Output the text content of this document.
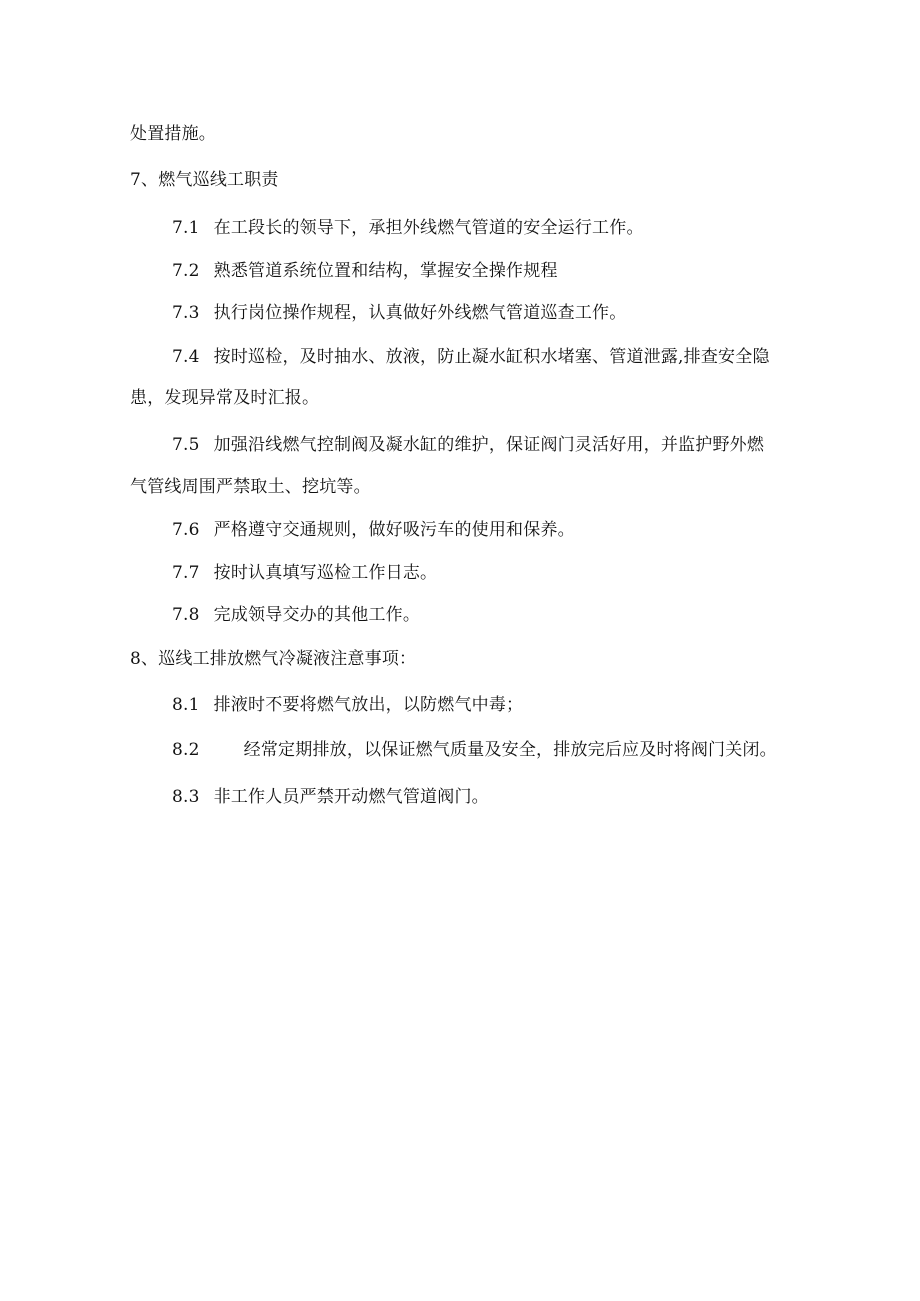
处置措施。
7、燃气巡线工职责
7.1 在工段长的领导下，承担外线燃气管道的安全运行工作。
7.2 熟悉管道系统位置和结构，掌握安全操作规程
7.3 执行岗位操作规程，认真做好外线燃气管道巡查工作。
7.4 按时巡检，及时抽水、放液，防止凝水缸积水堵塞、管道泄露,排查安全隐
患，发现异常及时汇报。
7.5 加强沿线燃气控制阀及凝水缸的维护，保证阀门灵活好用，并监护野外燃
气管线周围严禁取土、挖坑等。
7.6 严格遵守交通规则，做好吸污车的使用和保养。
7.7 按时认真填写巡检工作日志。
7.8 完成领导交办的其他工作。
8、巡线工排放燃气冷凝液注意事项：
8.1 排液时不要将燃气放出，以防燃气中毒；
8.2	经常定期排放，以保证燃气质量及安全，排放完后应及时将阀门关闭。
8.3 非工作人员严禁开动燃气管道阀门。
